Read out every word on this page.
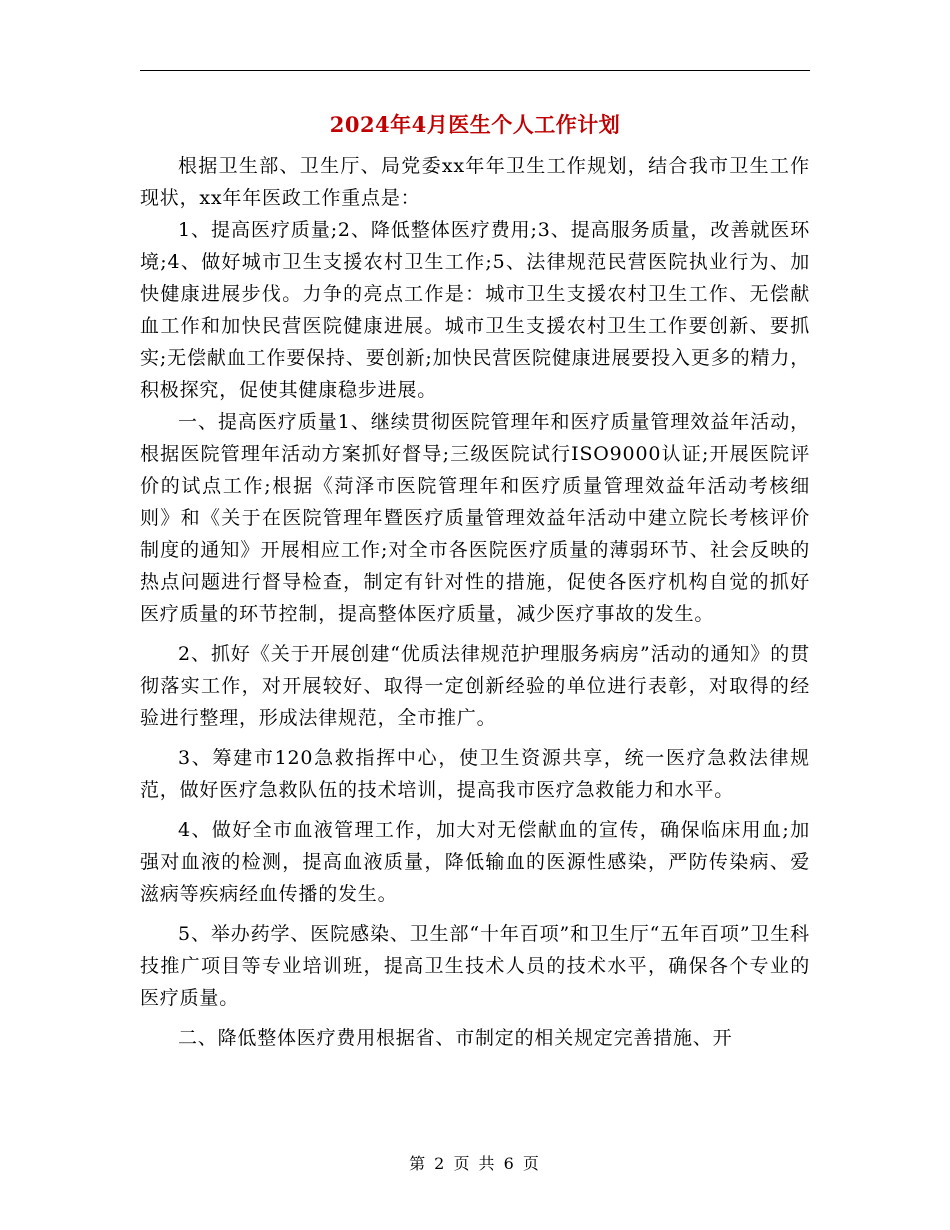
2024年4月医生个人工作计划

根据卫生部、卫生厅、局党委xx年年卫生工作规划，结合我市卫生工作现状，xx年年医政工作重点是：

1、提高医疗质量;2、降低整体医疗费用;3、提高服务质量，改善就医环境;4、做好城市卫生支援农村卫生工作;5、法律规范民营医院执业行为、加快健康进展步伐。力争的亮点工作是：城市卫生支援农村卫生工作、无偿献血工作和加快民营医院健康进展。城市卫生支援农村卫生工作要创新、要抓实;无偿献血工作要保持、要创新;加快民营医院健康进展要投入更多的精力，积极探究，促使其健康稳步进展。

一、提高医疗质量1、继续贯彻医院管理年和医疗质量管理效益年活动，根据医院管理年活动方案抓好督导;三级医院试行ISO9000认证;开展医院评价的试点工作;根据《菏泽市医院管理年和医疗质量管理效益年活动考核细则》和《关于在医院管理年暨医疗质量管理效益年活动中建立院长考核评价制度的通知》开展相应工作;对全市各医院医疗质量的薄弱环节、社会反映的热点问题进行督导检查，制定有针对性的措施，促使各医疗机构自觉的抓好医疗质量的环节控制，提高整体医疗质量，减少医疗事故的发生。

2、抓好《关于开展创建“优质法律规范护理服务病房”活动的通知》的贯彻落实工作，对开展较好、取得一定创新经验的单位进行表彰，对取得的经验进行整理，形成法律规范，全市推广。

3、筹建市120急救指挥中心，使卫生资源共享，统一医疗急救法律规范，做好医疗急救队伍的技术培训，提高我市医疗急救能力和水平。

4、做好全市血液管理工作，加大对无偿献血的宣传，确保临床用血;加强对血液的检测，提高血液质量，降低输血的医源性感染，严防传染病、爱滋病等疾病经血传播的发生。

5、举办药学、医院感染、卫生部“十年百项”和卫生厅“五年百项”卫生科技推广项目等专业培训班，提高卫生技术人员的技术水平，确保各个专业的医疗质量。

二、降低整体医疗费用根据省、市制定的相关规定完善措施、开

第 2 页 共 6 页
